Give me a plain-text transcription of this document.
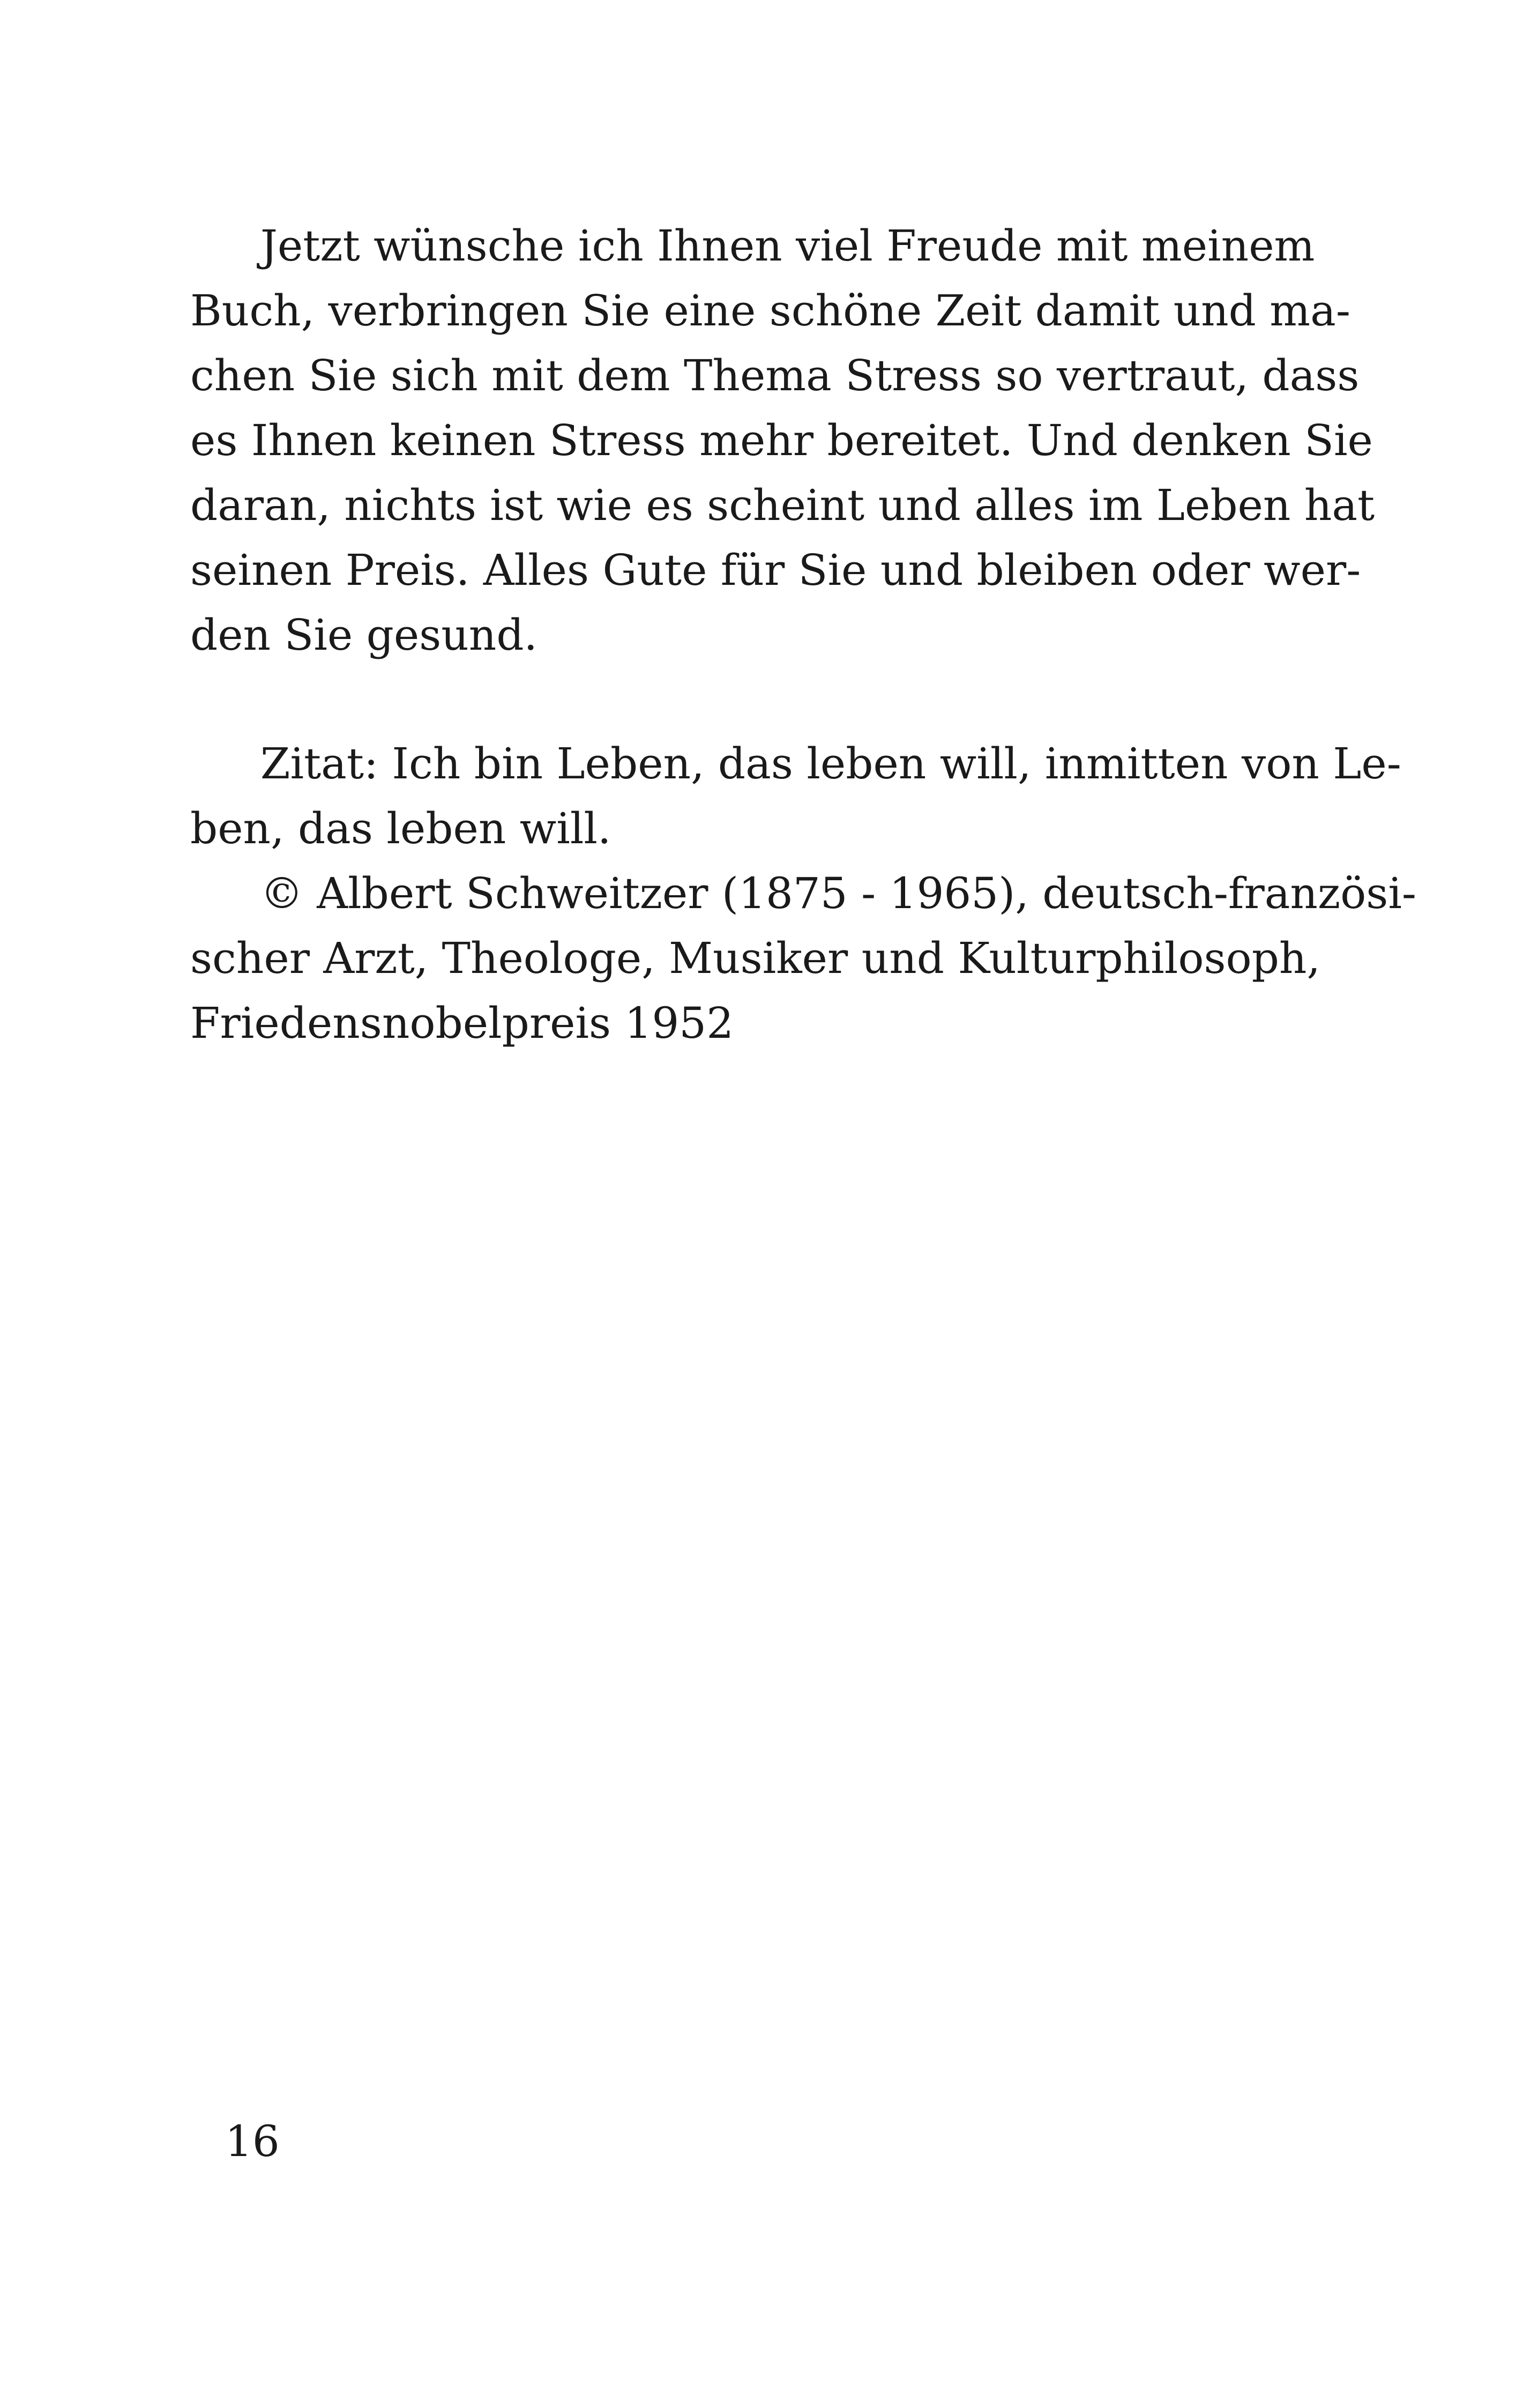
   Jetzt wünsche ich Ihnen viel Freude mit meinem
Buch, verbringen Sie eine schöne Zeit damit und ma-
chen Sie sich mit dem Thema Stress so vertraut, dass
es Ihnen keinen Stress mehr bereitet. Und denken Sie
daran, nichts ist wie es scheint und alles im Leben hat
seinen Preis. Alles Gute für Sie und bleiben oder wer-
den Sie gesund.
   Zitat: Ich bin Leben, das leben will, inmitten von Le-
ben, das leben will.
   © Albert Schweitzer (1875 - 1965), deutsch-französi-
scher Arzt, Theologe, Musiker und Kulturphilosoph,
Friedensnobelpreis 1952
16
